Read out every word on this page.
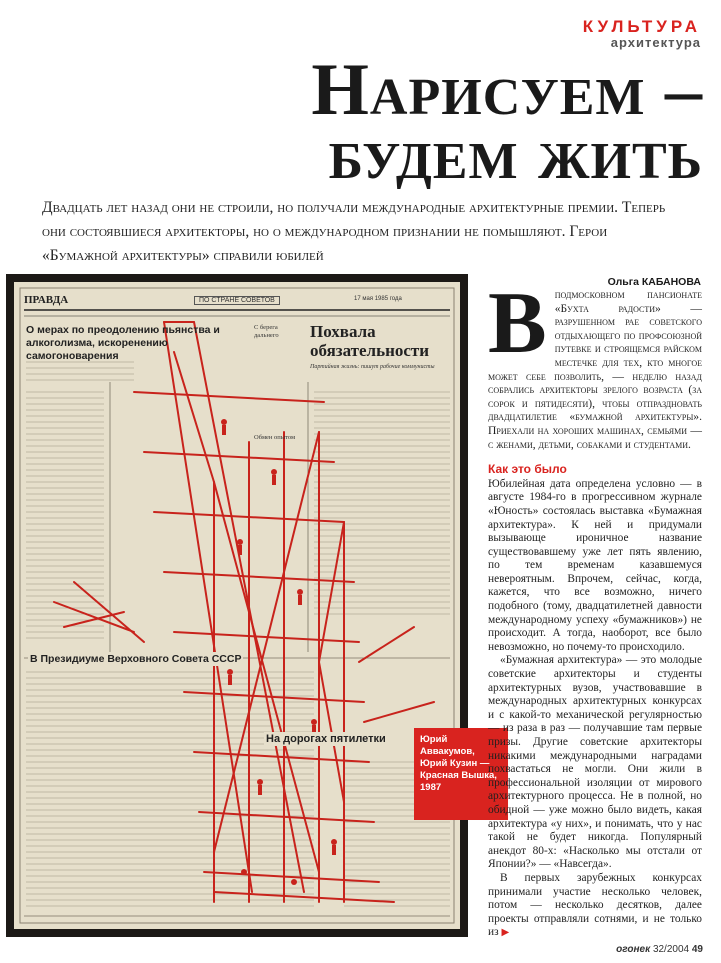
КУЛЬТУРА
архитектура
Нарисуем –
будем жить
Двадцать лет назад они не строили, но получали международные архитектурные премии. Теперь они состоявшиеся архитекторы, но о международном признании не помышляют. Герои «Бумажной архитектуры» справили юбилей
ПРАВДА	ПО СТРАНЕ СОВЕТОВ	17 мая 1985 года
О мерах по преодолению пьянства и алкоголизма, искоренению самогоноварения
Похвала обязательности
Партийная жизнь: пишут рабочие коммунисты
С берега дальнего
Обмен опытом
В Президиуме Верховного Совета СССР
На дорогах пятилетки	Юрий Аввакумов, Юрий Кузин — Красная Вышка, 1987
Ольга КАБАНОВА
В подмосковном пансионате «Бухта радости» — разрушенном рае советского отдыхающего по профсоюзной путевке и строящемся райском местечке для тех, кто многое может себе позволить, — неделю назад собрались архитекторы зрелого возраста (за сорок и пятидесяти), чтобы отпраздновать двадцатилетие «бумажной архитектуры». Приехали на хороших машинах, семьями — с женами, детьми, собаками и студентами.

Как это было

Юбилейная дата определена условно — в августе 1984-го в прогрессивном журнале «Юность» состоялась выставка «Бумажная архитектура». К ней и придумали вызывающе ироничное название существовавшему уже лет пять явлению, по тем временам казавшемуся невероятным. Впрочем, сейчас, когда, кажется, что все возможно, ничего подобного (тому, двадцатилетней давности международному успеху «бумажников») не происходит. А тогда, наоборот, все было невозможно, но почему-то происходило.

«Бумажная архитектура» — это молодые советские архитекторы и студенты архитектурных вузов, участвовавшие в международных архитектурных конкурсах и с какой-то механической регулярностью — из раза в раз — получавшие там первые призы. Другие советские архитекторы никакими международными наградами похвастаться не могли. Они жили в профессиональной изоляции от мирового архитектурного процесса. Не в полной, но обидной — уже можно было видеть, какая архитектура «у них», и понимать, что у нас такой не будет никогда. Популярный анекдот 80-х: «Насколько мы отстали от Японии?» — «Навсегда».

В первых зарубежных конкурсах принимали участие несколько человек, потом — несколько десятков, далее проекты отправляли сотнями, и не только из ▶

огонек 32/2004 49
